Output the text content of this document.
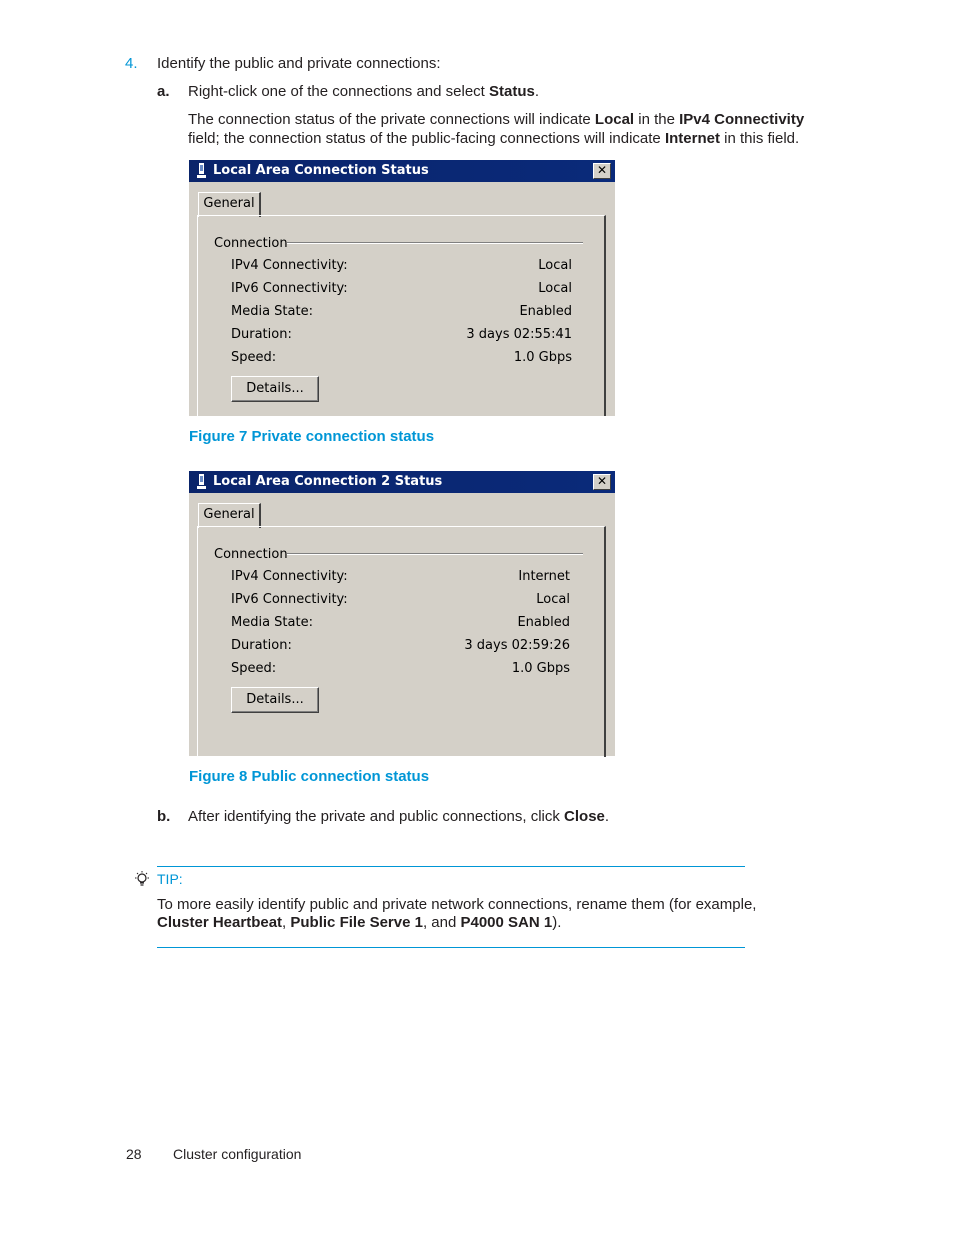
4. Identify the public and private connections:
a. Right-click one of the connections and select Status.
The connection status of the private connections will indicate Local in the IPv4 Connectivity
field; the connection status of the public-facing connections will indicate Internet in this field.
Local Area Connection Status	✕
General
Connection
IPv4 Connectivity:	Local
IPv6 Connectivity:	Local
Media State:	Enabled
Duration:	3 days 02:55:41
Speed:	1.0 Gbps
Details...
Figure 7 Private connection status
Local Area Connection 2 Status	✕
General
Connection
IPv4 Connectivity:	Internet
IPv6 Connectivity:	Local
Media State:	Enabled
Duration:	3 days 02:59:26
Speed:	1.0 Gbps
Details...
Figure 8 Public connection status
b. After identifying the private and public connections, click Close.
TIP:
To more easily identify public and private network connections, rename them (for example,
Cluster Heartbeat, Public File Serve 1, and P4000 SAN 1).
28 Cluster configuration
